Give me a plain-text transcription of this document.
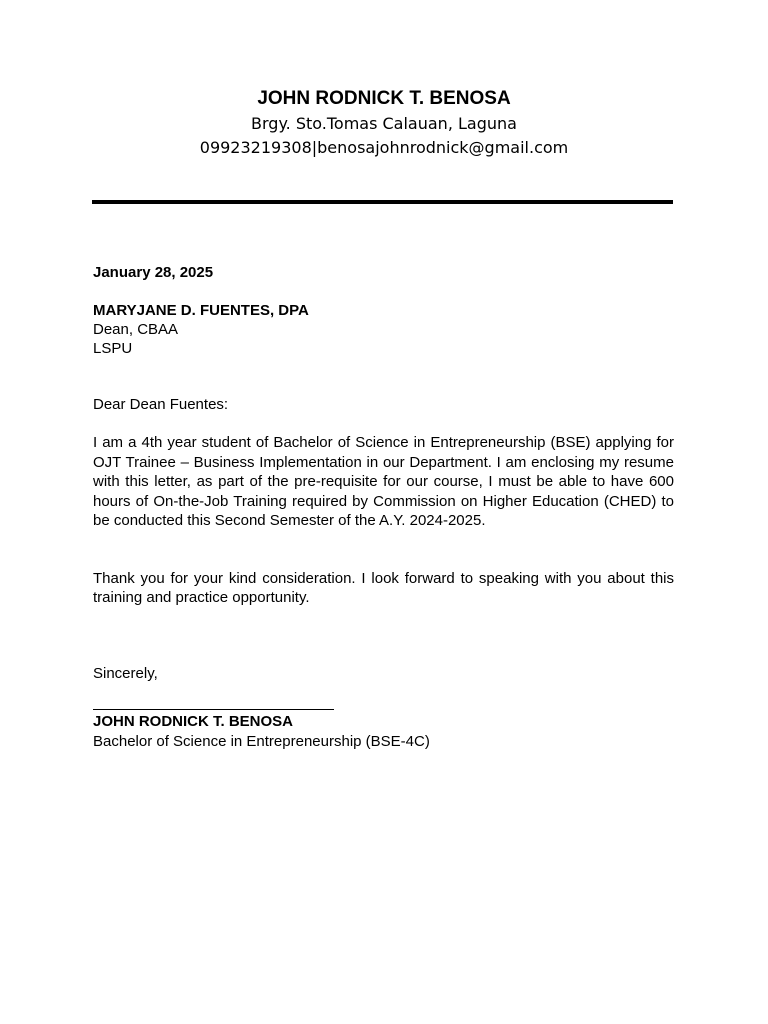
JOHN RODNICK T. BENOSA

Brgy. Sto.Tomas Calauan, Laguna

09923219308|benosajohnrodnick@gmail.com

January 28, 2025

MARYJANE D. FUENTES, DPA

Dean, CBAA

LSPU

Dear Dean Fuentes:

I am a 4th year student of Bachelor of Science in Entrepreneurship (BSE) applying for OJT Trainee – Business Implementation in our Department. I am enclosing my resume with this letter, as part of the pre-requisite for our course, I must be able to have 600 hours of On-the-Job Training required by Commission on Higher Education (CHED) to be conducted this Second Semester of the A.Y. 2024-2025.

Thank you for your kind consideration. I look forward to speaking with you about this training and practice opportunity.

Sincerely,

JOHN RODNICK T. BENOSA

Bachelor of Science in Entrepreneurship (BSE-4C)
